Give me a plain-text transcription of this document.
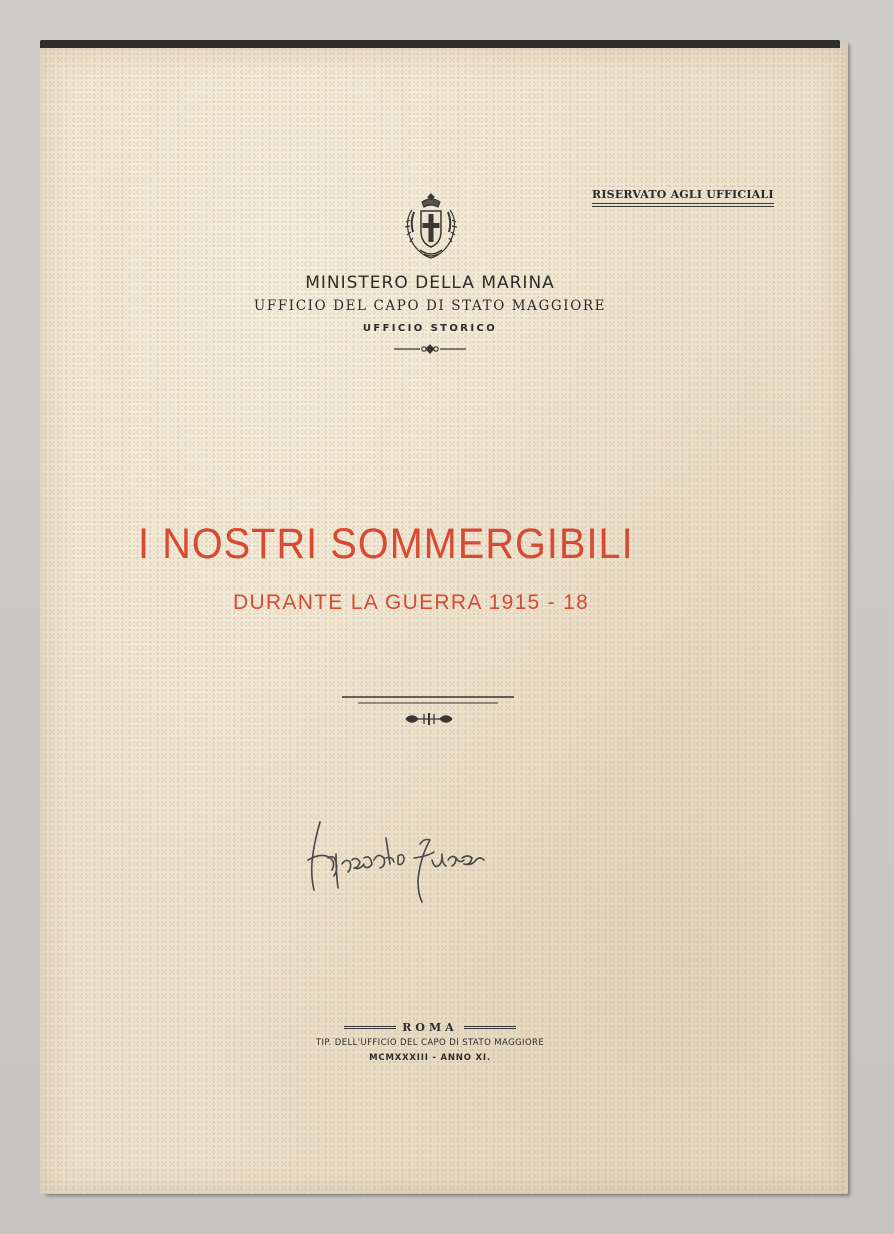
RISERVATO AGLI UFFICIALI

MINISTERO DELLA MARINA

UFFICIO DEL CAPO DI STATO MAGGIORE

UFFICIO STORICO

I NOSTRI SOMMERGIBILI
DURANTE LA GUERRA 1915 - 18
ROMA
TIP. DELL'UFFICIO DEL CAPO DI STATO MAGGIORE
MCMXXXIII - ANNO XI.
